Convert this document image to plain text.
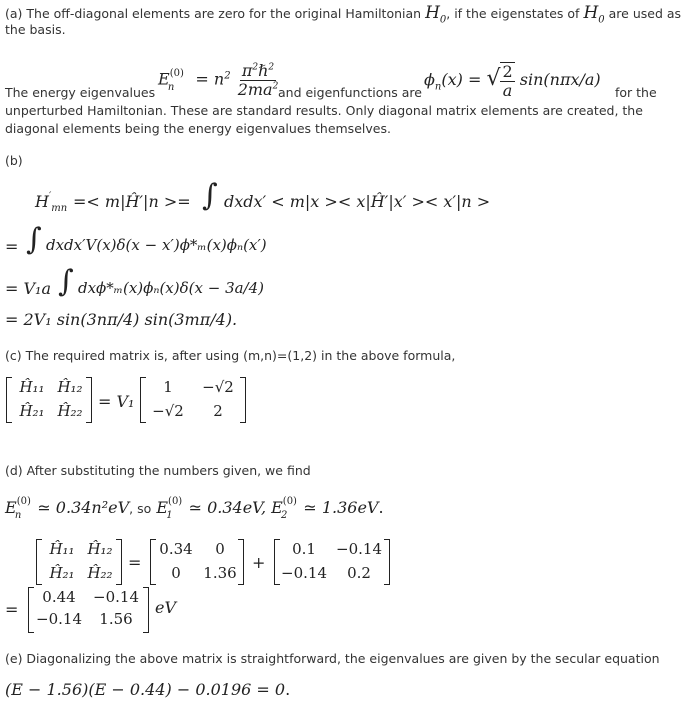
(a) The off-diagonal elements are zero for the original Hamiltonian $H_0$, if the eigenstates of $H_0$ are used as
the basis.
$E^{(0)}_n = n^2 \frac{\pi^2\hbar^2}{2ma^2}$
The energy eigenvalues	and eigenfunctions are
$\phi_n(x)$ = √ $\frac{2}{a} \sin(n\pi x/a)$
for the
unperturbed Hamiltonian. These are standard results. Only diagonal matrix elements are created, the
diagonal elements being the energy eigenvalues themselves.
(b)
$H'_{mn}$ =< m|Ĥ′|n >= ∫ dxdx′ < m|x >< x|Ĥ′|x′ >< x′|n >
= ∫ dxdx′V(x)δ(x − x′)ϕ*ₘ(x)ϕₙ(x′)
= V₁a ∫ dxϕ*ₘ(x)ϕₙ(x)δ(x − 3a/4)
= 2V₁ sin(3nπ/4) sin(3mπ/4).
(c) The required matrix is, after using (m,n)=(1,2) in the above formula,
Ĥ₁₁ Ĥ₁₂
Ĥ₂₁ Ĥ₂₂ = V₁
1	−√2
−√2	2
(d) After substituting the numbers given, we find
$E^{(0)}_n$ ≃ 0.34n²eV, so $E^{(0)}_1$ ≃ 0.34eV, $E^{(0)}_2$ ≃ 1.36eV.
Ĥ₁₁ Ĥ₁₂
Ĥ₂₁ Ĥ₂₂
=
0.34	0
0	1.36
+
0.1	−0.14
−0.14	0.2
=
0.44	−0.14
−0.14	1.56
eV
(e) Diagonalizing the above matrix is straightforward, the eigenvalues are given by the secular equation
(E − 1.56)(E − 0.44) − 0.0196 = 0.
